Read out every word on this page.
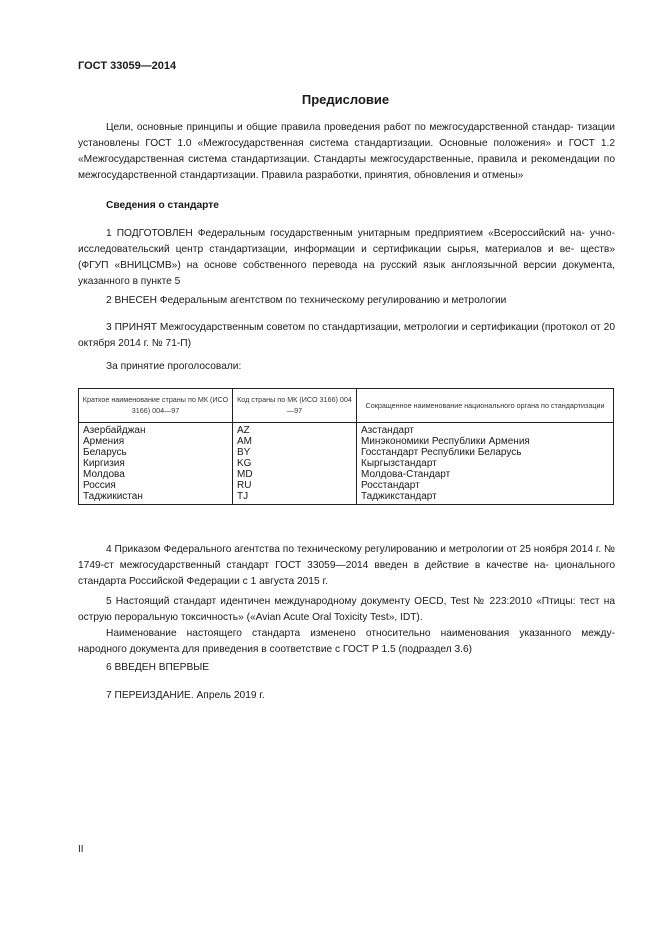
ГОСТ 33059—2014
Предисловие
Цели, основные принципы и общие правила проведения работ по межгосударственной стандар- тизации установлены ГОСТ 1.0 «Межгосударственная система стандартизации. Основные положения» и ГОСТ 1.2 «Межгосударственная система стандартизации. Стандарты межгосударственные, правила и рекомендации по межгосударственной стандартизации. Правила разработки, принятия, обновления и отмены»
Сведения о стандарте
1 ПОДГОТОВЛЕН Федеральным государственным унитарным предприятием «Всероссийский на- учно-исследовательский центр стандартизации, информации и сертификации сырья, материалов и ве- ществ» (ФГУП «ВНИЦСМВ») на основе собственного перевода на русский язык англоязычной версии документа, указанного в пункте 5
2 ВНЕСЕН Федеральным агентством по техническому регулированию и метрологии
3 ПРИНЯТ Межгосударственным советом по стандартизации, метрологии и сертификации (протокол от 20 октября 2014 г. № 71-П)
За принятие проголосовали:
Краткое наименование страны по МК (ИСО 3166) 004—97	Код страны по МК (ИСО 3166) 004—97	Сокращенное наименование национального органа по стандартизации
Азербайджан	AZ	Азстандарт
Армения	AM	Минэкономики Республики Армения
Беларусь	BY	Госстандарт Республики Беларусь
Киргизия	KG	Кыргызстандарт
Молдова	MD	Молдова-Стандарт
Россия	RU	Росстандарт
Таджикистан	TJ	Таджикстандарт
4 Приказом Федерального агентства по техническому регулированию и метрологии от 25 ноября 2014 г. № 1749-ст межгосударственный стандарт ГОСТ 33059—2014 введен в действие в качестве на- ционального стандарта Российской Федерации с 1 августа 2015 г.
5 Настоящий стандарт идентичен международному документу OECD, Test № 223:2010 «Птицы: тест на острую пероральную токсичность» («Avian Acute Oral Toxicity Test», IDT).
Наименование настоящего стандарта изменено относительно наименования указанного между- народного документа для приведения в соответствие с ГОСТ Р 1.5 (подраздел 3.6)
6 ВВЕДЕН ВПЕРВЫЕ
7 ПЕРЕИЗДАНИЕ. Апрель 2019 г.
II
